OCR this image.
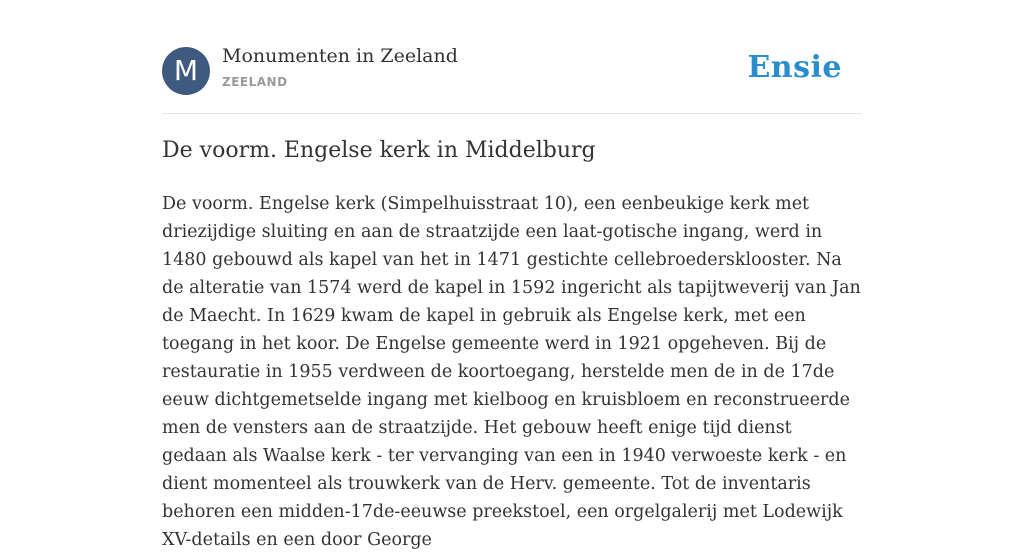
M	Monumenten in Zeeland
ZEELAND	Ensie
De voorm. Engelse kerk in Middelburg

De voorm. Engelse kerk (Simpelhuisstraat 10), een eenbeukige kerk met driezijdige sluiting en aan de straatzijde een laat-gotische ingang, werd in 1480 gebouwd als kapel van het in 1471 gestichte cellebroedersklooster. Na de alteratie van 1574 werd de kapel in 1592 ingericht als tapijtweverij van Jan de Maecht. In 1629 kwam de kapel in gebruik als Engelse kerk, met een toegang in het koor. De Engelse gemeente werd in 1921 opgeheven. Bij de restauratie in 1955 verdween de koortoegang, herstelde men de in de 17de eeuw dichtgemetselde ingang met kielboog en kruisbloem en reconstrueerde men de vensters aan de straatzijde. Het gebouw heeft enige tijd dienst gedaan als Waalse kerk - ter vervanging van een in 1940 verwoeste kerk - en dient momenteel als trouwkerk van de Herv. gemeente. Tot de inventaris behoren een midden-17de-eeuwse preekstoel, een orgelgalerij met Lodewijk XV-details en een door George
